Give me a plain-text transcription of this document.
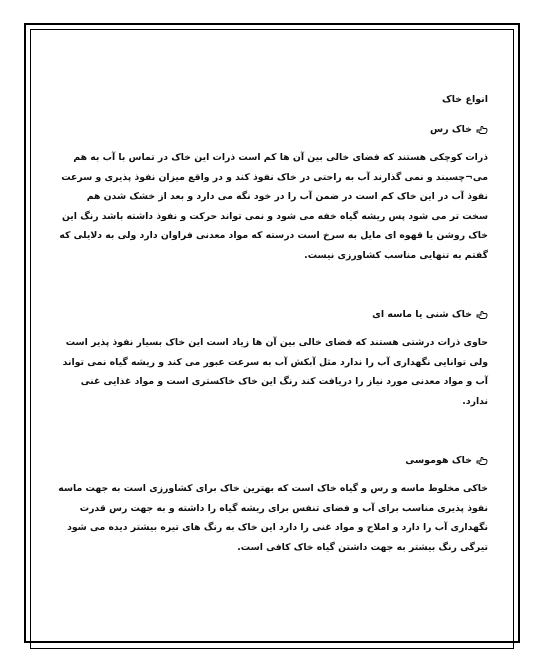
انواع خاک
خاک رس

ذرات کوچکی هستند که فضای خالی بین آن ها کم است ذرات این خاک در تماس با آب به هم می¬چسبند و نمی گذارند آب به راحتی در خاک نفوذ کند و در واقع میزان نفوذ پذیری و سرعت نفوذ آب در این خاک کم است در ضمن آب را در خود نگه می دارد و بعد از خشک شدن هم سخت تر می شود پس ریشه گیاه خفه می شود و نمی تواند حرکت و نفوذ داشته باشد رنگ این خاک روشن یا قهوه ای مایل به سرخ است درسته که مواد معدنی فراوان دارد ولی به دلایلی که گفتم به تنهایی مناسب کشاورزی نیست.

خاک شنی یا ماسه ای

حاوی ذرات درشتی هستند که فضای خالی بین آن ها زیاد است این خاک بسیار نفوذ پذیر است ولی توانایی نگهداری آب را ندارد مثل آبکش آب به سرعت عبور می کند و ریشه گیاه نمی تواند آب و مواد معدنی مورد نیاز را دریافت کند رنگ این خاک خاکستری است و مواد غذایی غنی ندارد.

خاک هوموسی

خاکی مخلوط ماسه و رس و گیاه خاک است که بهترین خاک برای کشاورزی است به جهت ماسه نفوذ پذیری مناسب برای آب و فضای تنفس برای ریشه گیاه را داشته و به جهت رس قدرت نگهداری آب را دارد و املاح و مواد غنی را دارد این خاک به رنگ های تیره بیشتر دیده می شود تیرگی رنگ بیشتر به جهت داشتن گیاه خاک کافی است.
